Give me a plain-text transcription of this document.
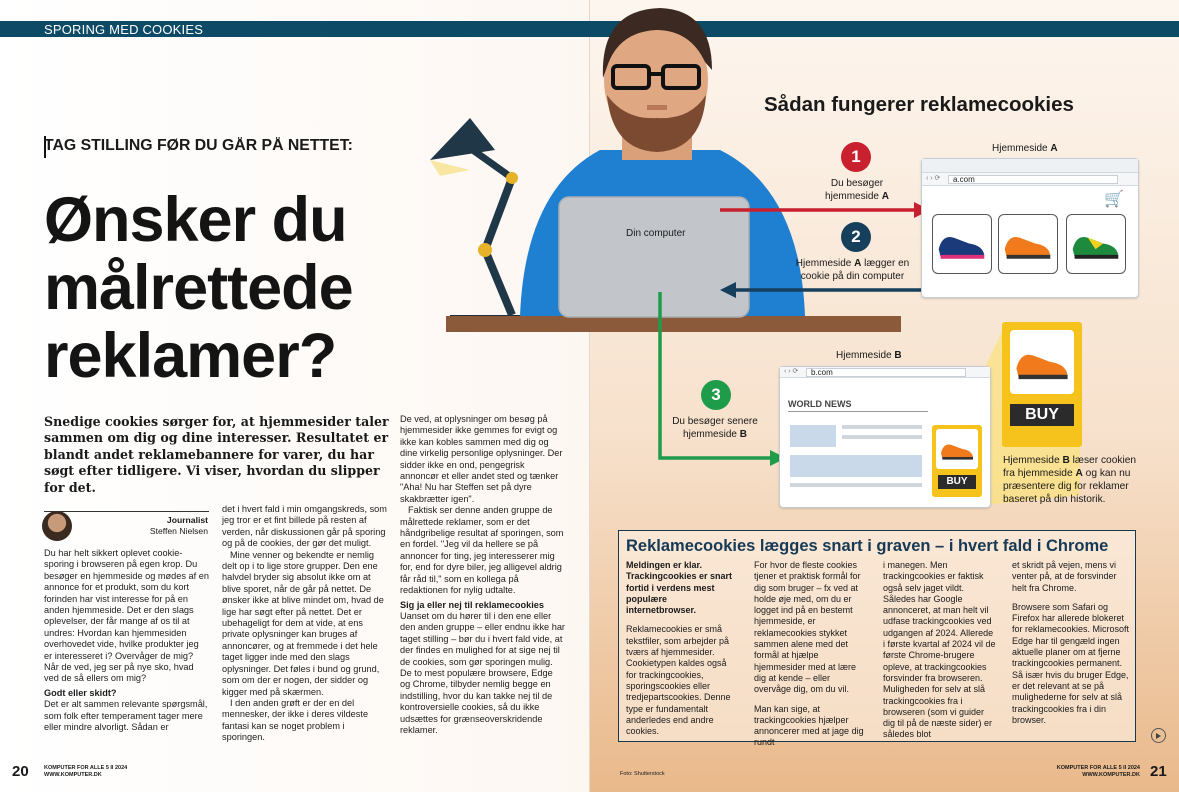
SPORING MED COOKIES
‹ › ⟳	a.com
🛒
‹ › ⟳	b.com
WORLD NEWS
BUY
BUY
Sådan fungerer reklamecookies
Din computer
1
Du besøger
hjemmeside A
2
Hjemmeside A lægger en
cookie på din computer
Hjemmeside A
Hjemmeside B
3
Du besøger senere
hjemmeside B
Hjemmeside B læser cookien fra hjemmeside A og kan nu præsentere dig for reklamer baseret på din historik.
TAG STILLING FØR DU GÅR PÅ NETTET:
Ønsker du
målrettede
reklamer?
Snedige cookies sørger for, at hjemmesider taler sammen om dig og dine interesser. Resultatet er blandt andet reklamebannere for varer, du har søgt efter tidligere. Vi viser, hvordan du slipper for det.
Journalist
Steffen Nielsen

Du har helt sikkert oplevet cookie-sporing i browseren på egen krop. Du besøger en hjemmeside og mødes af en annonce for et produkt, som du kort forinden har vist interesse for på en anden hjemmeside. Det er den slags oplevelser, der får mange af os til at undres: Hvordan kan hjemmesiden overhovedet vide, hvilke produkter jeg er interesseret i? Overvåger de mig? Når de ved, jeg ser på nye sko, hvad ved de så ellers om mig?

Godt eller skidt?

Det er alt sammen relevante spørgsmål, som folk efter temperament tager mere eller mindre alvorligt. Sådan er

det i hvert fald i min omgangskreds, som jeg tror er et fint billede på resten af verden, når diskussionen går på sporing og på de cookies, der gør det muligt.

Mine venner og bekendte er nemlig delt op i to lige store grupper. Den ene halvdel bryder sig absolut ikke om at blive sporet, når de går på nettet. De ønsker ikke at blive mindet om, hvad de lige har søgt efter på nettet. Det er ubehageligt for dem at vide, at ens private oplysninger kan bruges af annoncører, og at fremmede i det hele taget ligger inde med den slags oplysninger. Det føles i bund og grund, som om der er nogen, der sidder og kigger med på skærmen.

I den anden grøft er der en del mennesker, der ikke i deres vildeste fantasi kan se noget problem i sporingen.

De ved, at oplysninger om besøg på hjemmesider ikke gemmes for evigt og ikke kan kobles sammen med dig og dine virkelig personlige oplysninger. Der sidder ikke en ond, pengegrisk annoncør et eller andet sted og tænker "Aha! Nu har Steffen set på dyre skakbrætter igen".

Faktisk ser denne anden gruppe de målrettede reklamer, som er det håndgribelige resultat af sporingen, som en fordel. "Jeg vil da hellere se på annoncer for ting, jeg interesserer mig for, end for dyre biler, jeg alligevel aldrig får råd til," som en kollega på redaktionen for nylig udtalte.

Sig ja eller nej til reklamecookies

Uanset om du hører til i den ene eller den anden gruppe – eller endnu ikke har taget stilling – bør du i hvert fald vide, at der findes en mulighed for at sige nej til de cookies, som gør sporingen mulig. De to mest populære browsere, Edge og Chrome, tilbyder nemlig begge en indstilling, hvor du kan takke nej til de kontroversielle cookies, så du ikke udsættes for grænseoverskridende reklamer.

Reklamecookies lægges snart i graven – i hvert fald i Chrome

Meldingen er klar. Trackingcookies er snart fortid i verdens mest populære internetbrowser.

Reklamecookies er små tekstfiler, som arbejder på tværs af hjemmesider. Cookietypen kaldes også for trackingcookies, sporingscookies eller tredjepartscookies. Denne type er fundamentalt anderledes end andre cookies.

For hvor de fleste cookies tjener et praktisk formål for dig som bruger – fx ved at holde øje med, om du er logget ind på en bestemt hjemmeside, er reklamecookies stykket sammen alene med det formål at hjælpe hjemmesider med at lære dig at kende – eller overvåge dig, om du vil.

Man kan sige, at trackingcookies hjælper annoncerer med at jage dig rundt

i manegen. Men trackingcookies er faktisk også selv jaget vildt. Således har Google annonceret, at man helt vil udfase trackingcookies ved udgangen af 2024. Allerede i første kvartal af 2024 vil de første Chrome-brugere opleve, at trackingcookies forsvinder fra browseren. Muligheden for selv at slå trackingcookies fra i browseren (som vi guider dig til på de næste sider) er således blot

et skridt på vejen, mens vi venter på, at de forsvinder helt fra Chrome.

Browsere som Safari og Firefox har allerede blokeret for reklamecookies. Microsoft Edge har til gengæld ingen aktuelle planer om at fjerne trackingcookies permanent. Så især hvis du bruger Edge, er det relevant at se på mulighederne for selv at slå trackingcookies fra i din browser.

20	KOMPUTER FOR ALLE 5 II 2024
WWW.KOMPUTER.DK	Foto: Shutterstock
KOMPUTER FOR ALLE 5 II 2024
WWW.KOMPUTER.DK 21
